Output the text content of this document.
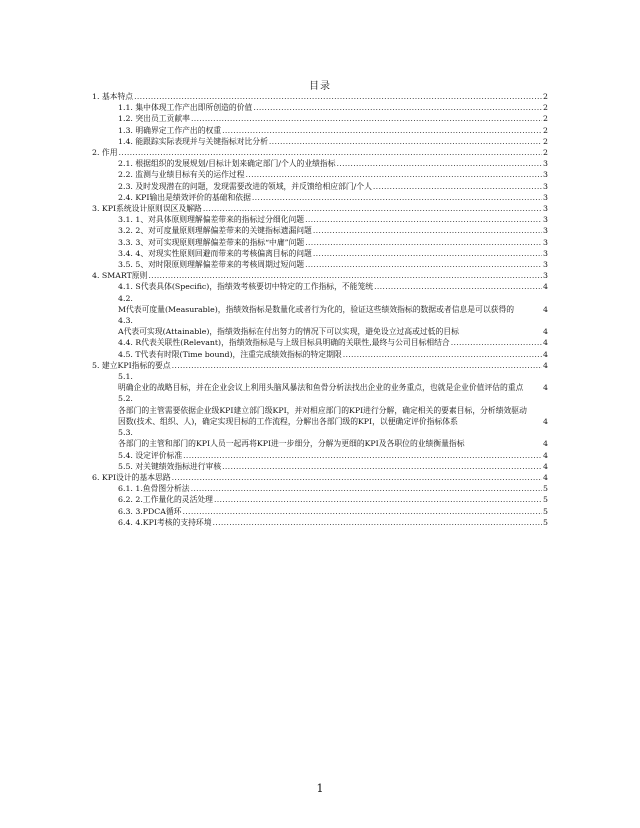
目录
1. 基本特点 .....	2
1.1. 集中体现工作产出即所创造的价值 .....	2
1.2. 突出员工贡献率 .....	2
1.3. 明确界定工作产出的权重 .....	2
1.4. 能跟踪实际表现并与关键指标对比分析 .....	2
2. 作用 .....	2
2.1. 根据组织的发展规划/目标计划来确定部门/个人的业绩指标 .....	3
2.2. 监测与业绩目标有关的运作过程 .....	3
2.3. 及时发现潜在的问题，发现需要改进的领域，并反馈给相应部门/个人 .....	3
2.4. KPI输出是绩效评价的基础和依据 .....	3
3. KPI系统设计原则误区及解路 .....	3
3.1. 1、对具体原则理解偏差带来的指标过分细化问题 .....	3
3.2. 2、对可度量原则理解偏差带来的关键指标遗漏问题 .....	3
3.3. 3、对可实现原则理解偏差带来的指标“中庸”问题 .....	3
3.4. 4、对现实性原则回避而带来的考核偏离目标的问题 .....	3
3.5. 5、对时限原则理解偏差带来的考核周期过短问题 .....	3
4. SMART原则 .....	3
4.1. S代表具体(Specific)，指绩效考核要切中特定的工作指标，不能笼统 .....	4
4.2.
M代表可度量(Measurable)，指绩效指标是数量化或者行为化的，验证这些绩效指标的数据或者信息是可以获得的	4
4.3.
A代表可实现(Attainable)，指绩效指标在付出努力的情况下可以实现，避免设立过高或过低的目标	4
4.4. R代表关联性(Relevant)，指绩效指标是与上级目标具明确的关联性,最终与公司目标相结合 .....	4
4.5. T代表有时限(Time bound)，注重完成绩效指标的特定期限 .....	4
5. 建立KPI指标的要点 .....	4
5.1.
明确企业的战略目标，并在企业会议上利用头脑风暴法和鱼骨分析法找出企业的业务重点，也就是企业价值评估的重点	4
5.2.
各部门的主管需要依据企业级KPI建立部门级KPI，并对相应部门的KPI进行分解，确定相关的要素目标，分析绩效驱动因数(技术、组织、人)，确定实现目标的工作流程，分解出各部门级的KPI，以便确定评价指标体系	4
5.3.
各部门的主管和部门的KPI人员一起再将KPI进一步细分，分解为更细的KPI及各职位的业绩衡量指标	4
5.4. 设定评价标准 .....	4
5.5. 对关键绩效指标进行审核 .....	4
6. KPI设计的基本思路 .....	4
6.1. 1.鱼骨图分析法 .....	5
6.2. 2.工作量化的灵活处理 .....	5
6.3. 3.PDCA循环 .....	5
6.4. 4.KPI考核的支持环境 .....	5
1
